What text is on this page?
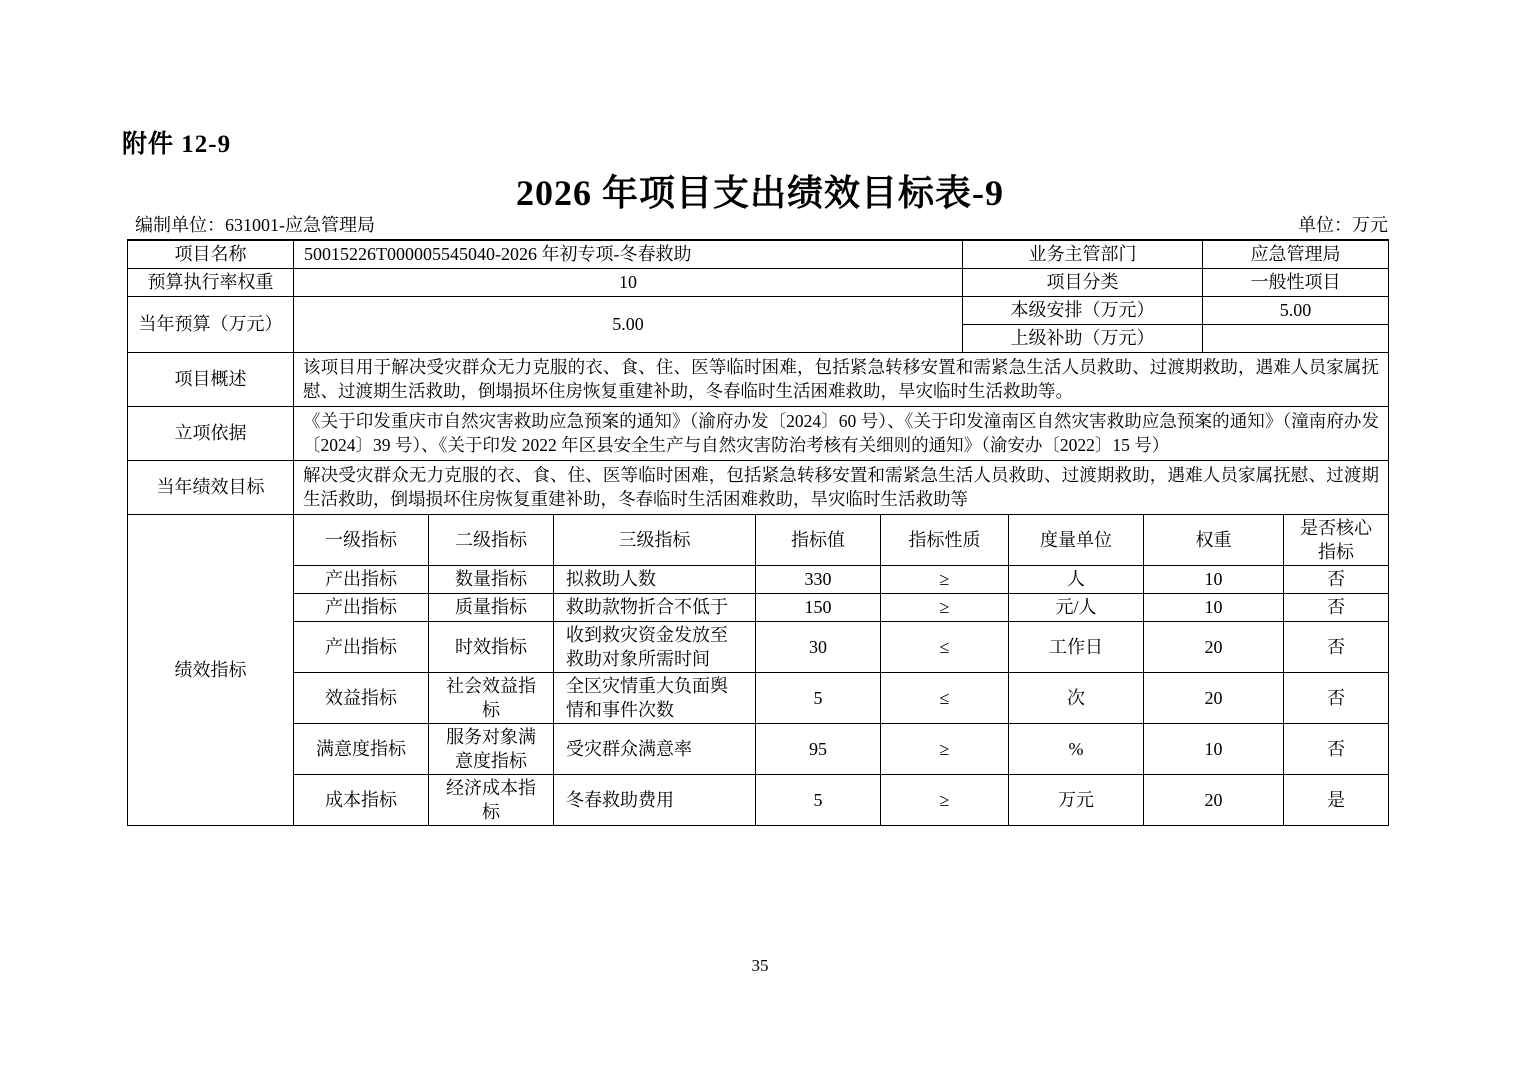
附件 12-9
2026 年项目支出绩效目标表-9
编制单位：631001-应急管理局	单位：万元
项目名称	50015226T000005545040-2026 年初专项-冬春救助	业务主管部门	应急管理局
预算执行率权重	10	项目分类	一般性项目
当年预算（万元）	5.00	本级安排（万元）	5.00
		上级补助（万元）	
项目概述	该项目用于解决受灾群众无力克服的衣、食、住、医等临时困难，包括紧急转移安置和需紧急生活人员救助、过渡期救助，遇难人员家属抚慰、过渡期生活救助，倒塌损坏住房恢复重建补助，冬春临时生活困难救助，旱灾临时生活救助等。
立项依据	《关于印发重庆市自然灾害救助应急预案的通知》（渝府办发〔2024〕60 号）、《关于印发潼南区自然灾害救助应急预案的通知》（潼南府办发〔2024〕39 号）、《关于印发 2022 年区县安全生产与自然灾害防治考核有关细则的通知》（渝安办〔2022〕15 号）
当年绩效目标	解决受灾群众无力克服的衣、食、住、医等临时困难，包括紧急转移安置和需紧急生活人员救助、过渡期救助，遇难人员家属抚慰、过渡期生活救助，倒塌损坏住房恢复重建补助，冬春临时生活困难救助，旱灾临时生活救助等
绩效指标	一级指标	二级指标	三级指标	指标值	指标性质	度量单位	权重	是否核心指标
	产出指标	数量指标	拟救助人数	330	≥	人	10	否
	产出指标	质量指标	救助款物折合不低于	150	≥	元/人	10	否
	产出指标	时效指标	收到救灾资金发放至救助对象所需时间	30	≤	工作日	20	否
	效益指标	社会效益指标	全区灾情重大负面舆情和事件次数	5	≤	次	20	否
	满意度指标	服务对象满意度指标	受灾群众满意率	95	≥	%	10	否
	成本指标	经济成本指标	冬春救助费用	5	≥	万元	20	是
35
